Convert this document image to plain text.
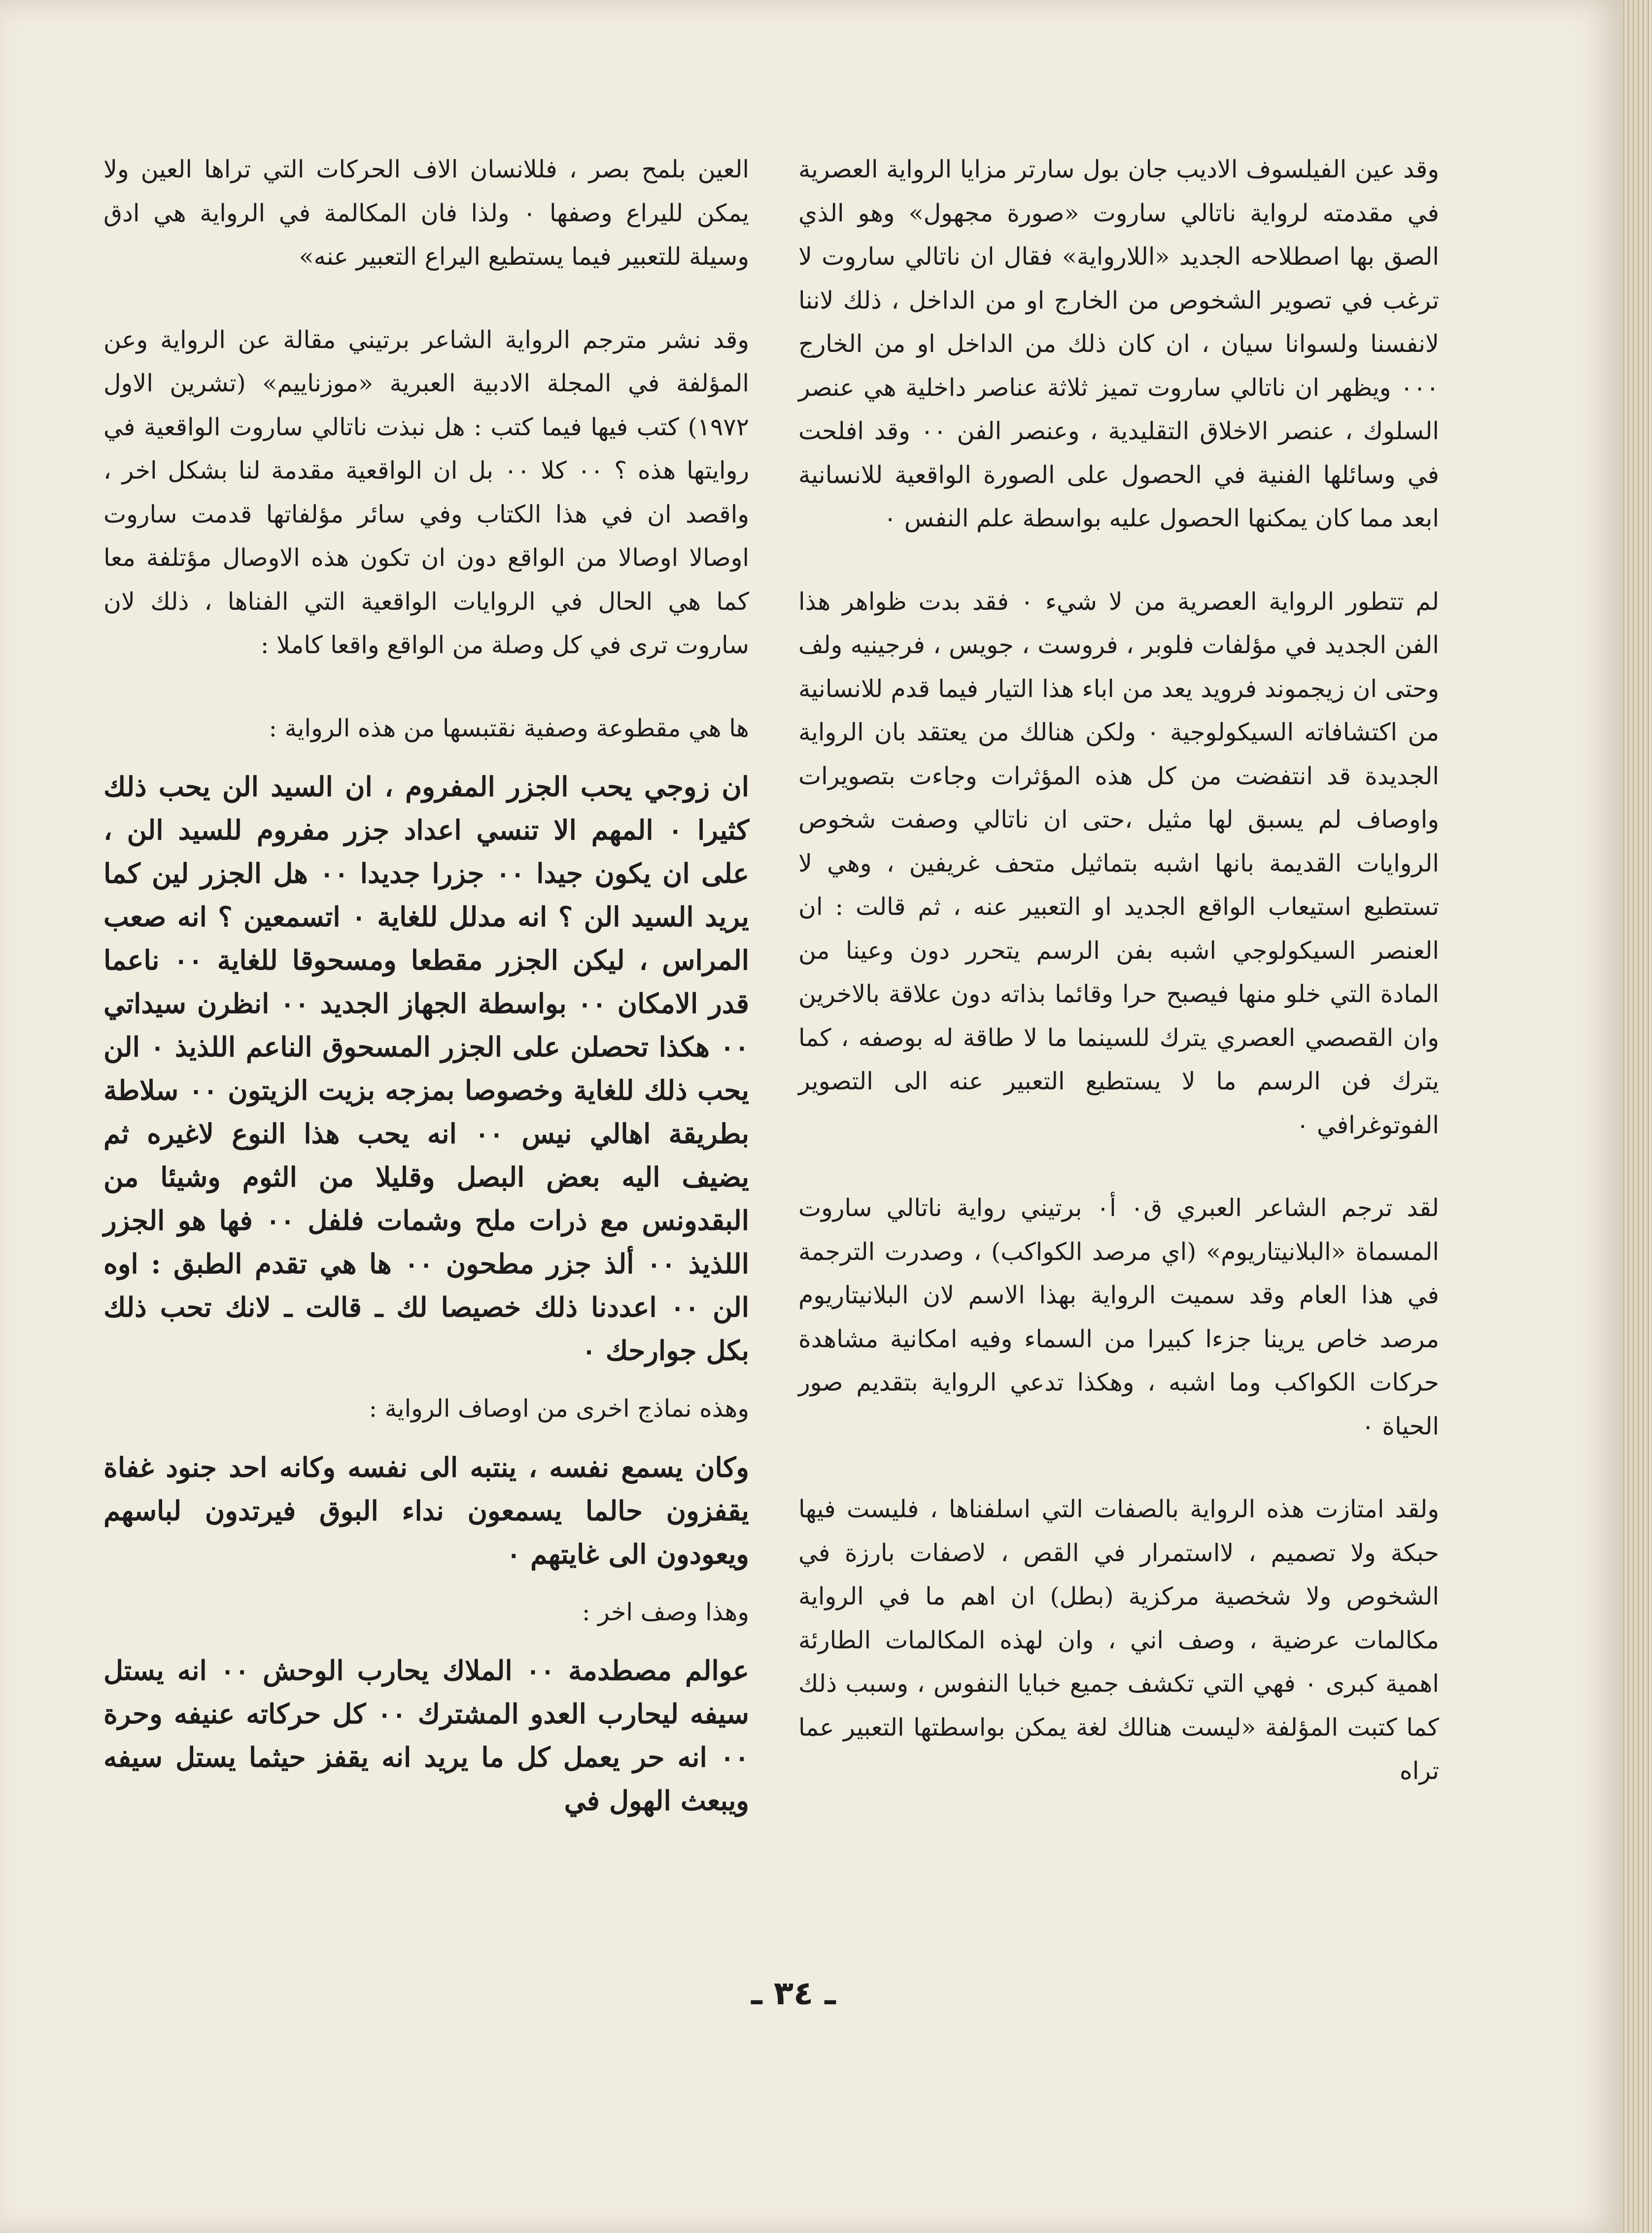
وقد عين الفيلسوف الاديب جان بول سارتر مزايا الرواية العصرية في مقدمته لرواية ناتالي ساروت «صورة مجهول» وهو الذي الصق بها اصطلاحه الجديد «اللارواية» فقال ان ناتالي ساروت لا ترغب في تصوير الشخوص من الخارج او من الداخل ، ذلك لاننا لانفسنا ولسوانا سيان ، ان كان ذلك من الداخل او من الخارج ٠٠٠ ويظهر ان ناتالي ساروت تميز ثلاثة عناصر داخلية هي عنصر السلوك ، عنصر الاخلاق التقليدية ، وعنصر الفن ٠٠ وقد افلحت في وسائلها الفنية في الحصول على الصورة الواقعية للانسانية ابعد مما كان يمكنها الحصول عليه بواسطة علم النفس ٠

لم تتطور الرواية العصرية من لا شيء ٠ فقد بدت ظواهر هذا الفن الجديد في مؤلفات فلوبر ، فروست ، جويس ، فرجينيه ولف وحتى ان زيجموند فرويد يعد من اباء هذا التيار فيما قدم للانسانية من اكتشافاته السيكولوجية ٠ ولكن هنالك من يعتقد بان الرواية الجديدة قد انتفضت من كل هذه المؤثرات وجاءت بتصويرات واوصاف لم يسبق لها مثيل ،حتى ان ناتالي وصفت شخوص الروايات القديمة بانها اشبه بتماثيل متحف غريفين ، وهي لا تستطيع استيعاب الواقع الجديد او التعبير عنه ، ثم قالت : ان العنصر السيكولوجي اشبه بفن الرسم يتحرر دون وعينا من المادة التي خلو منها فيصبح حرا وقائما بذاته دون علاقة بالاخرين وان القصصي العصري يترك للسينما ما لا طاقة له بوصفه ، كما يترك فن الرسم ما لا يستطيع التعبير عنه الى التصوير الفوتوغرافي ٠

لقد ترجم الشاعر العبري ق٠ أ٠ برتيني رواية ناتالي ساروت المسماة «البلانيتاريوم» (اي مرصد الكواكب) ، وصدرت الترجمة في هذا العام وقد سميت الرواية بهذا الاسم لان البلانيتاريوم مرصد خاص يرينا جزءا كبيرا من السماء وفيه امكانية مشاهدة حركات الكواكب وما اشبه ، وهكذا تدعي الرواية بتقديم صور الحياة ٠

ولقد امتازت هذه الرواية بالصفات التي اسلفناها ، فليست فيها حبكة ولا تصميم ، لااستمرار في القص ، لاصفات بارزة في الشخوص ولا شخصية مركزية (بطل) ان اهم ما في الرواية مكالمات عرضية ، وصف اني ، وان لهذه المكالمات الطارئة اهمية كبرى ٠ فهي التي تكشف جميع خبايا النفوس ، وسبب ذلك كما كتبت المؤلفة «ليست هنالك لغة يمكن بواسطتها التعبير عما تراه

العين بلمح بصر ، فللانسان الاف الحركات التي تراها العين ولا يمكن لليراع وصفها ٠ ولذا فان المكالمة في الرواية هي ادق وسيلة للتعبير فيما يستطيع اليراع التعبير عنه»

وقد نشر مترجم الرواية الشاعر برتيني مقالة عن الرواية وعن المؤلفة في المجلة الادبية العبرية «موزناييم» (تشرين الاول ١٩٧٢) كتب فيها فيما كتب : هل نبذت ناتالي ساروت الواقعية في روايتها هذه ؟ ٠٠ كلا ٠٠ بل ان الواقعية مقدمة لنا بشكل اخر ، واقصد ان في هذا الكتاب وفي سائر مؤلفاتها قدمت ساروت اوصالا اوصالا من الواقع دون ان تكون هذه الاوصال مؤتلفة معا كما هي الحال في الروايات الواقعية التي الفناها ، ذلك لان ساروت ترى في كل وصلة من الواقع واقعا كاملا :

ها هي مقطوعة وصفية نقتبسها من هذه الرواية :

ان زوجي يحب الجزر المفروم ، ان السيد الن يحب ذلك كثيرا ٠ المهم الا تنسي اعداد جزر مفروم للسيد الن ، على ان يكون جيدا ٠٠ جزرا جديدا ٠٠ هل الجزر لين كما يريد السيد الن ؟ انه مدلل للغاية ٠ اتسمعين ؟ انه صعب المراس ، ليكن الجزر مقطعا ومسحوقا للغاية ٠٠ ناعما قدر الامكان ٠٠ بواسطة الجهاز الجديد ٠٠ انظرن سيداتي ٠٠ هكذا تحصلن على الجزر المسحوق الناعم اللذيذ ٠ الن يحب ذلك للغاية وخصوصا بمزجه بزيت الزيتون ٠٠ سلاطة بطريقة اهالي نيس ٠٠ انه يحب هذا النوع لاغيره ثم يضيف اليه بعض البصل وقليلا من الثوم وشيئا من البقدونس مع ذرات ملح وشمات فلفل ٠٠ فها هو الجزر اللذيذ ٠٠ ألذ جزر مطحون ٠٠ ها هي تقدم الطبق : اوه الن ٠٠ اعددنا ذلك خصيصا لك ـ قالت ـ لانك تحب ذلك بكل جوارحك ٠

وهذه نماذج اخرى من اوصاف الرواية :

وكان يسمع نفسه ، ينتبه الى نفسه وكانه احد جنود غفاة يقفزون حالما يسمعون نداء البوق فيرتدون لباسهم ويعودون الى غايتهم ٠

وهذا وصف اخر :

عوالم مصطدمة ٠٠ الملاك يحارب الوحش ٠٠ انه يستل سيفه ليحارب العدو المشترك ٠٠ كل حركاته عنيفه وحرة ٠٠ انه حر يعمل كل ما يريد انه يقفز حيثما يستل سيفه ويبعث الهول في

ـ ٣٤ ـ
